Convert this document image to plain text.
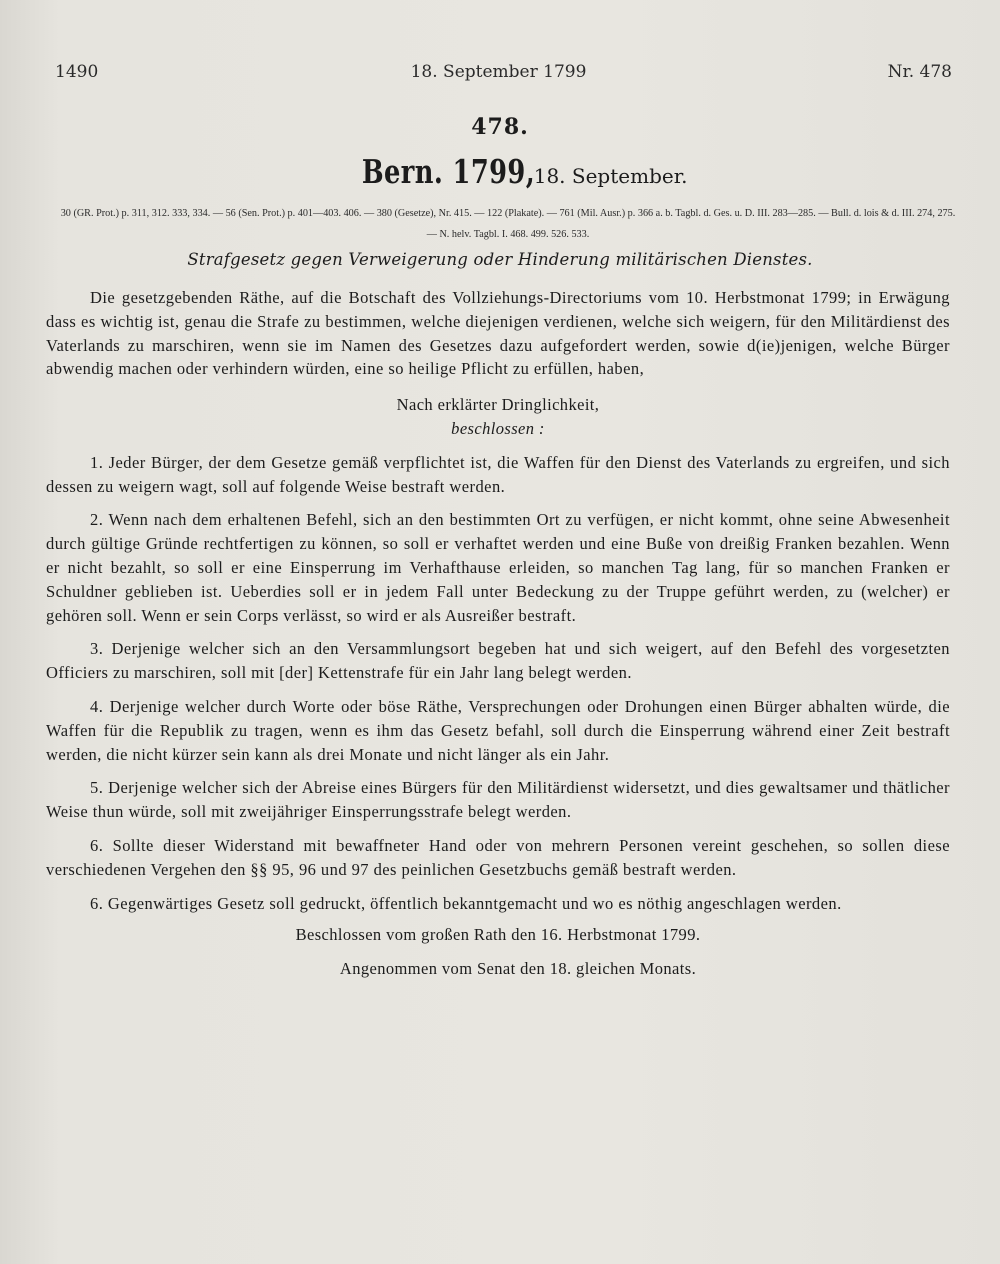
1490	18. September 1799	Nr. 478
478.
Bern. 1799, 18. September.
30 (GR. Prot.) p. 311, 312. 333, 334. — 56 (Sen. Prot.) p. 401—403. 406. — 380 (Gesetze), Nr. 415. — 122 (Plakate). — 761 (Mil. Ausr.) p. 366 a. b. Tagbl. d. Ges. u. D. III. 283—285. — Bull. d. lois & d. III. 274, 275. — N. helv. Tagbl. I. 468. 499. 526. 533.
Strafgesetz gegen Verweigerung oder Hinderung militärischen Dienstes.

Die gesetzgebenden Räthe, auf die Botschaft des Vollziehungs-Directoriums vom 10. Herbstmonat 1799; in Erwägung dass es wichtig ist, genau die Strafe zu bestimmen, welche diejenigen verdienen, welche sich weigern, für den Militärdienst des Vaterlands zu marschiren, wenn sie im Namen des Gesetzes dazu aufgefordert werden, sowie d(ie)jenigen, welche Bürger abwendig machen oder verhindern würden, eine so heilige Pflicht zu erfüllen, haben,

Nach erklärter Dringlichkeit,

beschlossen :

1. Jeder Bürger, der dem Gesetze gemäß verpflichtet ist, die Waffen für den Dienst des Vaterlands zu ergreifen, und sich dessen zu weigern wagt, soll auf folgende Weise bestraft werden.

2. Wenn nach dem erhaltenen Befehl, sich an den bestimmten Ort zu verfügen, er nicht kommt, ohne seine Abwesenheit durch gültige Gründe rechtfertigen zu können, so soll er verhaftet werden und eine Buße von dreißig Franken bezahlen. Wenn er nicht bezahlt, so soll er eine Einsperrung im Verhafthause erleiden, so manchen Tag lang, für so manchen Franken er Schuldner geblieben ist. Ueberdies soll er in jedem Fall unter Bedeckung zu der Truppe geführt werden, zu (welcher) er gehören soll. Wenn er sein Corps verlässt, so wird er als Ausreißer bestraft.

3. Derjenige welcher sich an den Versammlungsort begeben hat und sich weigert, auf den Befehl des vorgesetzten Officiers zu marschiren, soll mit [der] Kettenstrafe für ein Jahr lang belegt werden.

4. Derjenige welcher durch Worte oder böse Räthe, Versprechungen oder Drohungen einen Bürger abhalten würde, die Waffen für die Republik zu tragen, wenn es ihm das Gesetz befahl, soll durch die Einsperrung während einer Zeit bestraft werden, die nicht kürzer sein kann als drei Monate und nicht länger als ein Jahr.

5. Derjenige welcher sich der Abreise eines Bürgers für den Militärdienst widersetzt, und dies gewaltsamer und thätlicher Weise thun würde, soll mit zweijähriger Einsperrungsstrafe belegt werden.

6. Sollte dieser Widerstand mit bewaffneter Hand oder von mehrern Personen vereint geschehen, so sollen diese verschiedenen Vergehen den §§ 95, 96 und 97 des peinlichen Gesetzbuchs gemäß bestraft werden.

6. Gegenwärtiges Gesetz soll gedruckt, öffentlich bekanntgemacht und wo es nöthig angeschlagen werden.

Beschlossen vom großen Rath den 16. Herbstmonat 1799.

Angenommen vom Senat den 18. gleichen Monats.
